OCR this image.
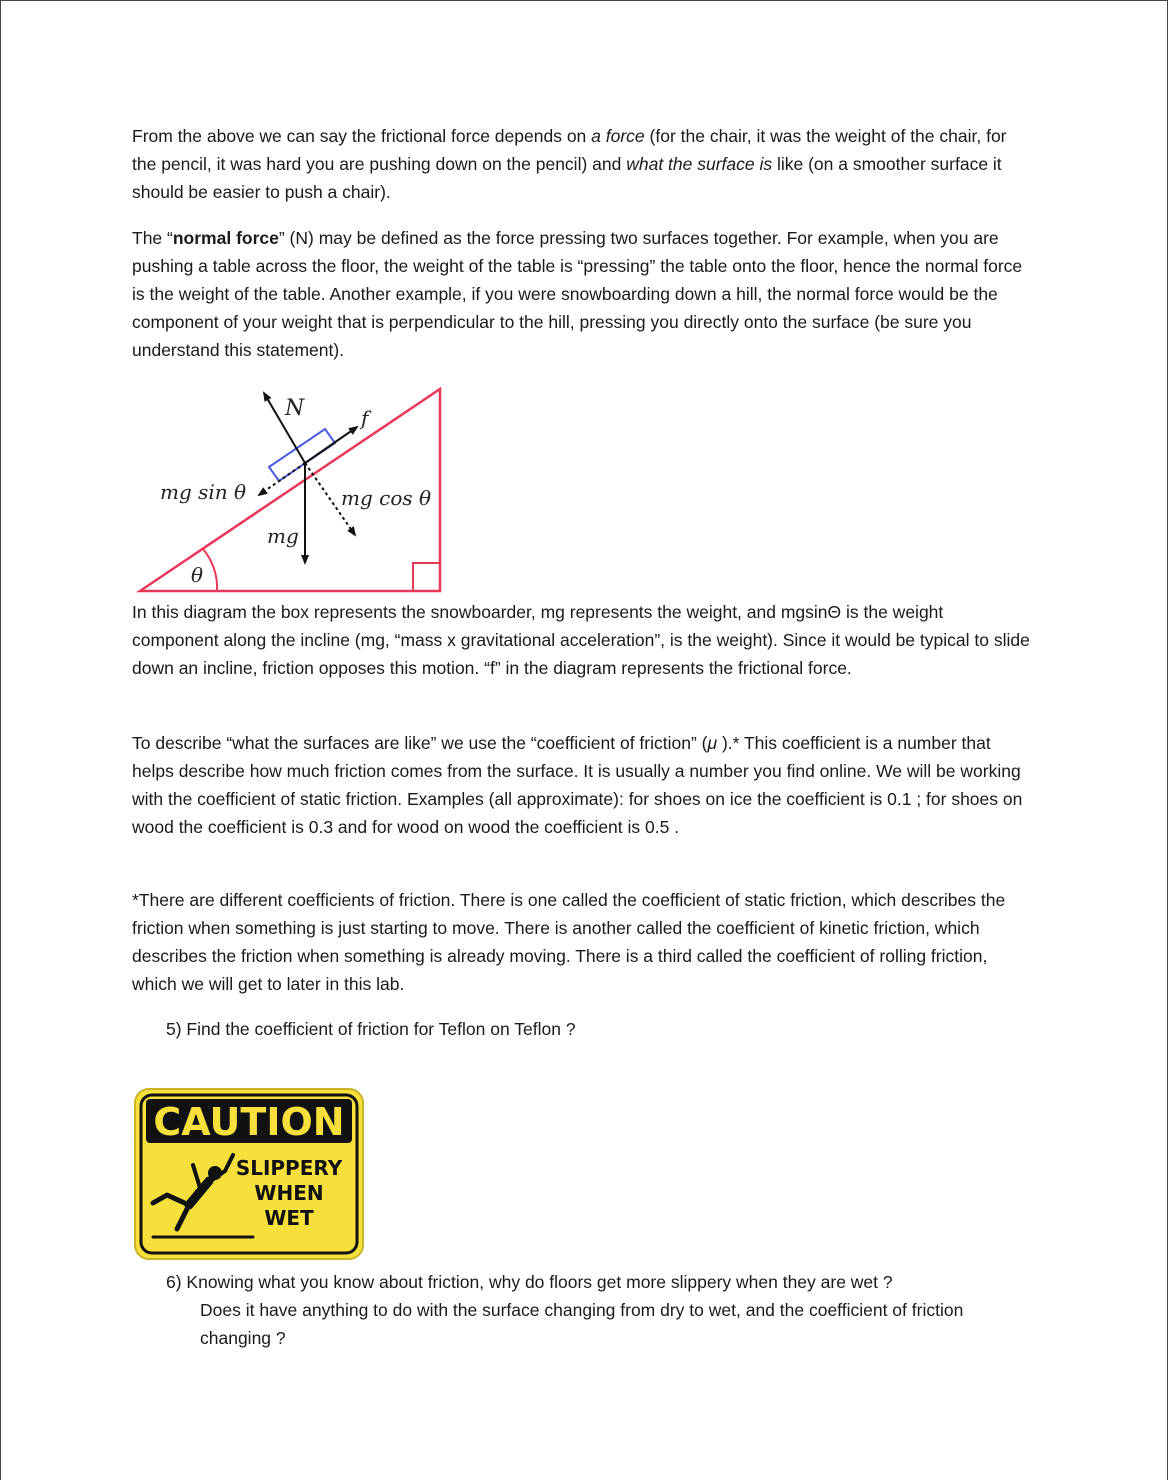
From the above we can say the frictional force depends on a force (for the chair, it was the weight of the chair, for the pencil, it was hard you are pushing down on the pencil) and what the surface is like (on a smoother surface it should be easier to push a chair).

The “normal force” (N) may be defined as the force pressing two surfaces together. For example, when you are pushing a table across the floor, the weight of the table is “pressing” the table onto the floor, hence the normal force is the weight of the table. Another example, if you were snowboarding down a hill, the normal force would be the component of your weight that is perpendicular to the hill, pressing you directly onto the surface (be sure you understand this statement).

N	f
mg sin θ	mg cos θ
mg
θ

In this diagram the box represents the snowboarder, mg represents the weight, and mgsinΘ is the weight component along the incline (mg, “mass x gravitational acceleration”, is the weight). Since it would be typical to slide down an incline, friction opposes this motion. “f” in the diagram represents the frictional force.

To describe “what the surfaces are like” we use the “coefficient of friction” (μ ).* This coefficient is a number that helps describe how much friction comes from the surface. It is usually a number you find online. We will be working with the coefficient of static friction. Examples (all approximate): for shoes on ice the coefficient is 0.1 ; for shoes on wood the coefficient is 0.3 and for wood on wood the coefficient is 0.5 .

*There are different coefficients of friction. There is one called the coefficient of static friction, which describes the friction when something is just starting to move. There is another called the coefficient of kinetic friction, which describes the friction when something is already moving. There is a third called the coefficient of rolling friction, which we will get to later in this lab.

5) Find the coefficient of friction for Teflon on Teflon ?

CAUTION
SLIPPERY
WHEN
WET

6) Knowing what you know about friction, why do floors get more slippery when they are wet ?
Does it have anything to do with the surface changing from dry to wet, and the coefficient of friction changing ?
